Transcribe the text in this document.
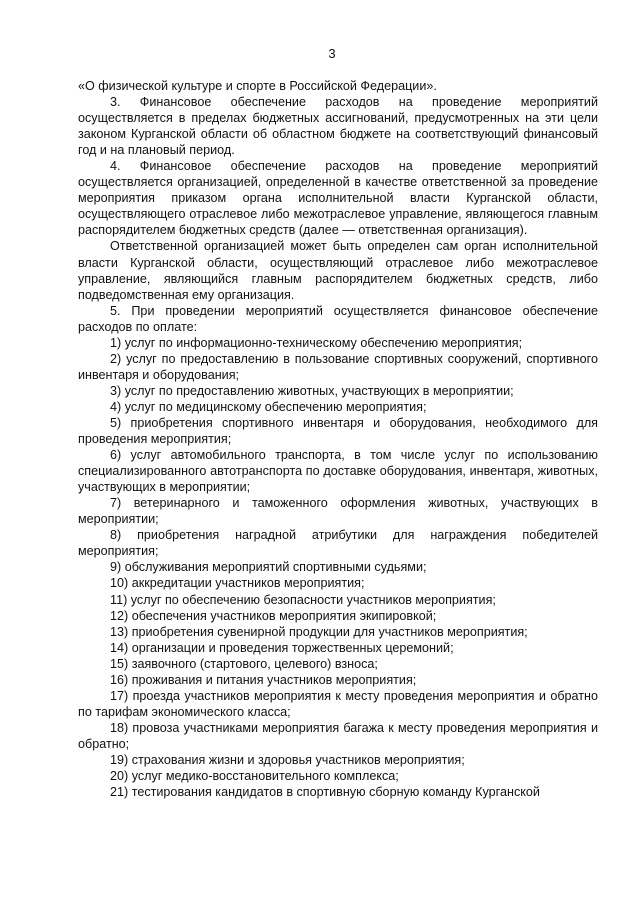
3

«О физической культуре и спорте в Российской Федерации».

3. Финансовое обеспечение расходов на проведение мероприятий осуществляется в пределах бюджетных ассигнований, предусмотренных на эти цели законом Курганской области об областном бюджете на соответствующий финансовый год и на плановый период.

4. Финансовое обеспечение расходов на проведение мероприятий осуществляется организацией, определенной в качестве ответственной за проведение мероприятия приказом органа исполнительной власти Курганской области, осуществляющего отраслевое либо межотраслевое управление, являющегося главным распорядителем бюджетных средств (далее — ответственная организация).

Ответственной организацией может быть определен сам орган исполнительной власти Курганской области, осуществляющий отраслевое либо межотраслевое управление, являющийся главным распорядителем бюджетных средств, либо подведомственная ему организация.

5. При проведении мероприятий осуществляется финансовое обеспечение расходов по оплате:

1) услуг по информационно-техническому обеспечению мероприятия;

2) услуг по предоставлению в пользование спортивных сооружений, спортивного инвентаря и оборудования;

3) услуг по предоставлению животных, участвующих в мероприятии;

4) услуг по медицинскому обеспечению мероприятия;

5) приобретения спортивного инвентаря и оборудования, необходимого для проведения мероприятия;

6) услуг автомобильного транспорта, в том числе услуг по использованию специализированного автотранспорта по доставке оборудования, инвентаря, животных, участвующих в мероприятии;

7) ветеринарного и таможенного оформления животных, участвующих в мероприятии;

8) приобретения наградной атрибутики для награждения победителей мероприятия;

9) обслуживания мероприятий спортивными судьями;

10) аккредитации участников мероприятия;

11) услуг по обеспечению безопасности участников мероприятия;

12) обеспечения участников мероприятия экипировкой;

13) приобретения сувенирной продукции для участников мероприятия;

14) организации и проведения торжественных церемоний;

15) заявочного (стартового, целевого) взноса;

16) проживания и питания участников мероприятия;

17) проезда участников мероприятия к месту проведения мероприятия и обратно по тарифам экономического класса;

18) провоза участниками мероприятия багажа к месту проведения мероприятия и обратно;

19) страхования жизни и здоровья участников мероприятия;

20) услуг медико-восстановительного комплекса;

21) тестирования кандидатов в спортивную сборную команду Курганской
